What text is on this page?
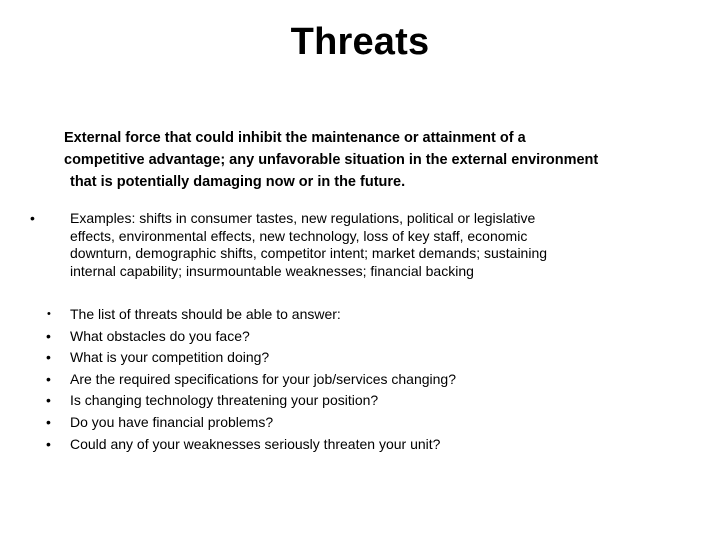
Threats
External force that could inhibit the maintenance or attainment of a
competitive advantage; any unfavorable situation in the external environment
that is potentially damaging now or in the future.
•	Examples: shifts in consumer tastes, new regulations, political or legislative
effects, environmental effects, new technology, loss of key staff, economic
downturn, demographic shifts, competitor intent; market demands; sustaining
internal capability; insurmountable weaknesses; financial backing
• The list of threats should be able to answer:
• What obstacles do you face?
• What is your competition doing?
• Are the required specifications for your job/services changing?
• Is changing technology threatening your position?
• Do you have financial problems?
• Could any of your weaknesses seriously threaten your unit?
